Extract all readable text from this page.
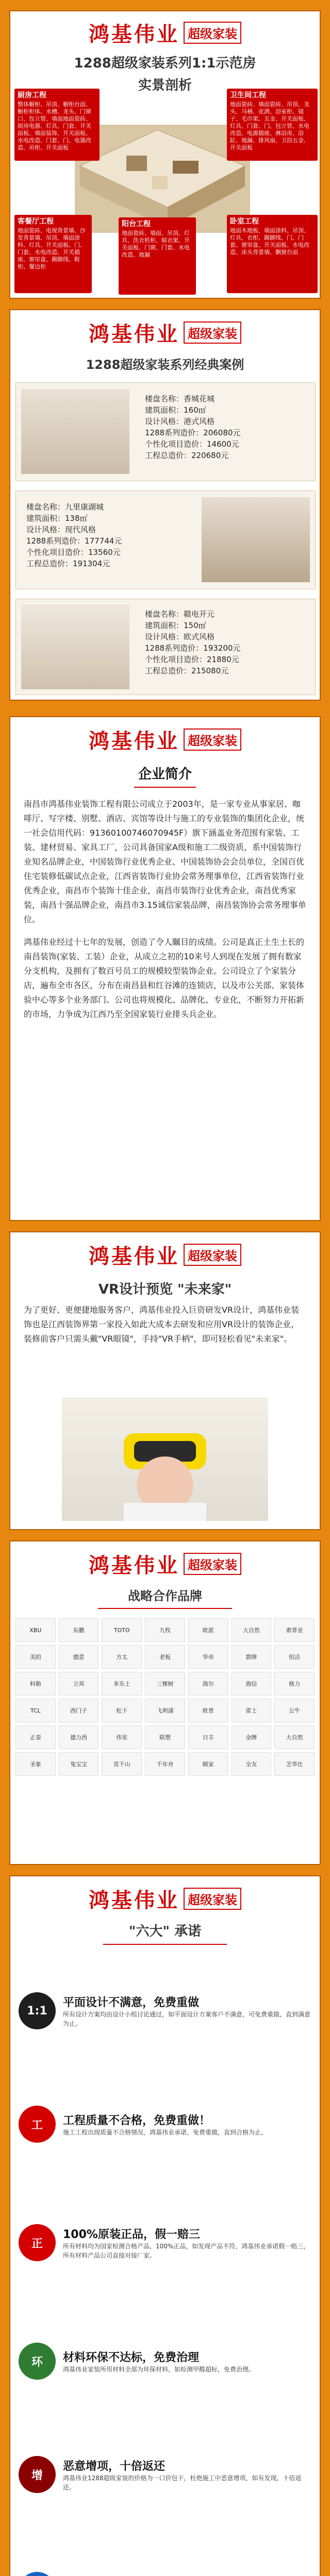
鸿基伟业 超级家装
1288超级家装系列1:1示范房
实景剖析
厨房工程
整体橱柜、吊顶、橱柜台面、橱柜柜体、水槽、龙头、门窗口、包立管、墙面地面瓷砖、厨房电器、灯具、门套、开关面板、墙面装饰、开关面板、水电改造、门套、门、电器改造、吊柜、开关面板
卫生间工程
地面瓷砖、墙面瓷砖、吊顶、龙头、马桶、花洒、浴室柜、镜子、毛巾架、五金、开关面板、灯具、门套、门、包立管、水电改造、电源插座、淋浴房、浴缸、地漏、排风扇、卫浴五金、开关面板
客餐厅工程
地面瓷砖、电视背景墙、沙发背景墙、吊顶、墙面涂料、灯具、开关面板、门、门套、水电改造、开关插座、窗帘盒、踢脚线、鞋柜、餐边柜
阳台工程
地面瓷砖、墙面、吊顶、灯具、洗衣机柜、晾衣架、开关面板、门窗、门套、水电改造、地漏
卧室工程
地面木地板、墙面涂料、吊顶、灯具、衣柜、踢脚线、门、门套、窗帘盒、开关面板、水电改造、床头背景墙、飘窗台面
鸿基伟业 超级家装
1288超级家装系列经典案例
楼盘名称：香城花城
建筑面积：160㎡
设计风格：港式风格
1288系列造价：206080元
个性化项目造价：14600元
工程总造价：220680元
楼盘名称：九里康湖城
建筑面积：138㎡
设计风格：现代风格
1288系列造价：177744元
个性化项目造价：13560元
工程总造价：191304元
楼盘名称：赣电开元
建筑面积：150㎡
设计风格：欧式风格
1288系列造价：193200元
个性化项目造价：21880元
工程总造价：215080元
鸿基伟业 超级家装
企业简介

南昌市鸿基伟业装饰工程有限公司成立于2003年，是一家专业从事家居、咖啡厅、写字楼、别墅、酒店、宾馆等设计与施工的专业装饰的集团化企业，统一社会信用代码：91360100746070945F）旗下涵盖业务范围有家装、工装、建材贸易、家具工厂，公司具备国家A级和施工二级资质，系中国装饰行业知名品牌企业，中国装饰行业优秀企业、中国装饰协会会员单位，全国百优住宅装修低碳试点企业，江西省装饰行业协会常务理事单位，江西省装饰行业优秀企业，南昌市个装饰十佳企业，南昌市装饰行业优秀企业，南昌优秀家装，南昌十强品牌企业，南昌市3.15诚信家装品牌，南昌装饰协会常务理事单位。

鸿基伟业经过十七年的发展，创造了令人瞩目的成绩。公司是真正土生土长的南昌装饰(家装、工装）企业，从成立之初的10来号人到现在发展了拥有数家分支机构，及拥有了数百号员工的规模较型装饰企业。公司设立了个家装分店，遍布全市各区，分布在南昌县和红谷滩的连锁店，以及市公关部、家装体验中心等多个业务部门。公司也将规模化、品牌化、专业化，不断努力开拓新的市场，力争成为江西乃至全国家装行业排头兵企业。

鸿基伟业 超级家装
VR设计预览 "未来家"
为了更好、更便捷地服务客户，鸿基伟业投入巨资研发VR设计，鸿基伟业装饰也是江西装饰界第一家投入如此大成本去研发和应用VR设计的装饰企业，装修前客户只需头戴"VR眼镜"，手持"VR手柄"，即可轻松看见"未来家"。
鸿基伟业 超级家装
战略合作品牌
XBU	东鹏	TOTO	九牧	欧派	大自然	索菲亚
美的	德意	方太	老板	华帝	箭牌	恒洁
科勒	立邦	多乐士	三棵树	海尔	海信	格力
TCL	西门子	松下	飞利浦	欧普	雷士	公牛
正泰	德力西	伟星	联塑	日丰	金牌	大自然
圣象	兔宝宝	莫干山	千年舟	顾家	全友	芝华仕
鸿基伟业 超级家装
"六大" 承诺
1:1
平面设计不满意，免费重做
所有设计方案均由设计小组讨论通过，如平面设计方案客户不满意，可免费重做，直到满意为止。
工	工程质量不合格，免费重做！
施工工程出现质量不合格情况，鸿基伟业承诺，免费重做，直到合格为止。
正
100%原装正品，假一赔三
所有材料均为国家检测合格产品，100%正品，如发现产品不符，鸿基伟业承诺假一赔三，所有材料产品公司直接对接厂家。
环	材料环保不达标，免费治理
鸿基伟业家装所用材料全部为环保材料，如检测甲醛超标，免费治理。
增
恶意增项，十倍返还
鸿基伟业1288超级家装的价格为一口价包干，杜绝施工中恶意增项，如有发现，十倍返还。
